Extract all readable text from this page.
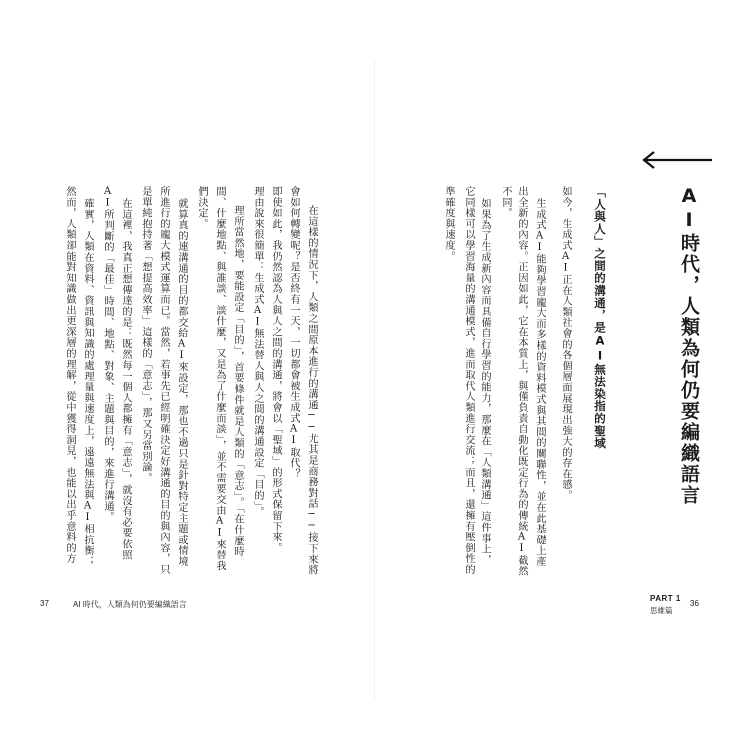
AI時代，人類為何仍要編織語言
「人與人」之間的溝通，是AI無法染指的聖域
如今，生成式AI正在人類社會的各個層面展現出強大的存在感。
生成式AI能夠學習龐大而多樣的資料模式與其間的關聯性，並在此基礎上產
出全新的內容。正因如此，它在本質上，與僅負責自動化既定行為的傳統AI截然
不同。
如果為了生成新內容而具備自行學習的能力，那麼在「人類溝通」這件事上，
它同樣可以學習海量的溝通模式，進而取代人類進行交流；而且，還擁有壓倒性的
準確度與速度。
PART 1
思維篇
36
在這樣的情況下，人類之間原本進行的溝通──尤其是商務對話──接下來將
會如何轉變呢？是否終有一天，一切都會被生成式AI取代？
即使如此，我仍然認為人與人之間的溝通，將會以「聖域」的形式保留下來。
理由說來很簡單：生成式AI無法替人與人之間的溝通設定「目的」。
理所當然地，要能設定「目的」，首要條件就是人類的「意志」。「在什麼時
間、什麼地點、與誰談、談什麼，又是為了什麼而談」，並不需要交由AI來替我
們決定。
就算真的連溝通的目的都交給AI來設定，那也不過只是針對特定主題或情境
所進行的龐大模式運算而已。當然，若事先已經明確決定好溝通的目的與內容，只
是單純抱持著「想提高效率」這樣的「意志」，那又另當別論。
在這裡，我真正想傳達的是：既然每一個人都擁有「意志」，就沒有必要依照
AI所判斷的「最佳」時間、地點、對象、主題與目的，來進行溝通。
確實，人類在資料、資訊與知識的處理量與速度上，遠遠無法與AI相抗衡；
然而，人類卻能對知識做出更深層的理解，從中獲得洞見，也能以出乎意料的方
37	AI 時代，人類為何仍要編織語言
